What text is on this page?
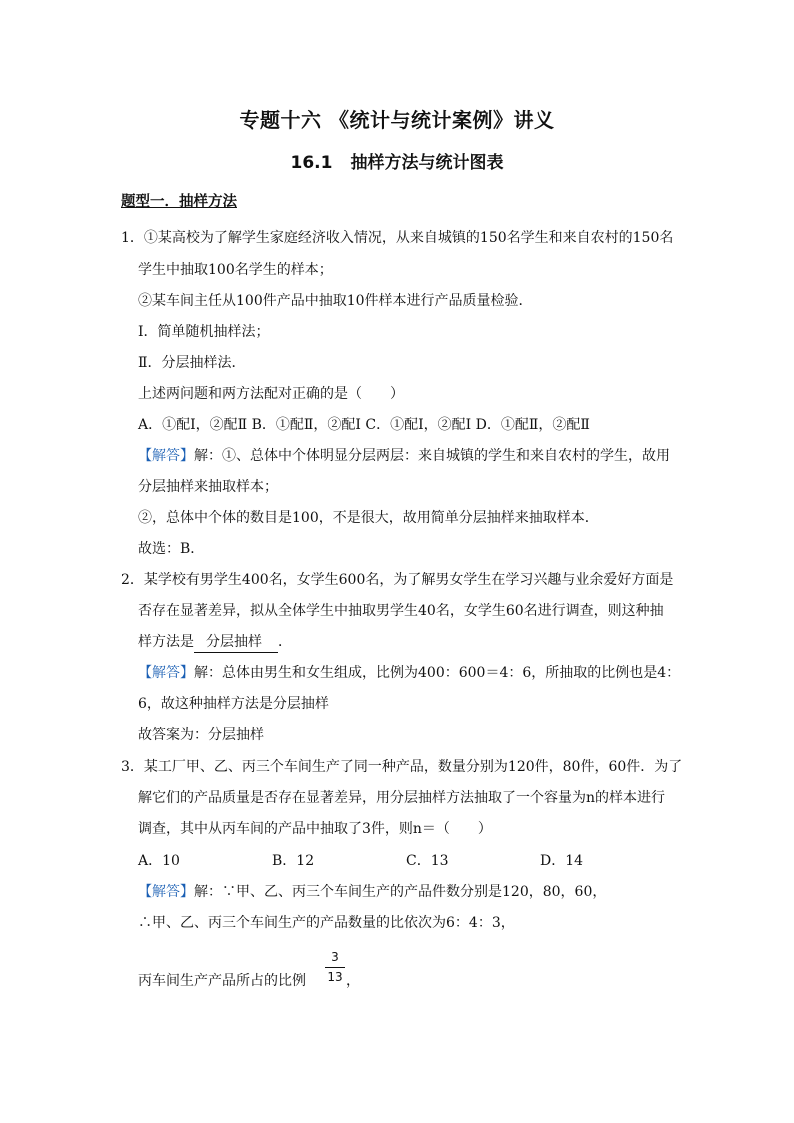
专题十六 《统计与统计案例》讲义
16.1 抽样方法与统计图表
题型一．抽样方法
1．①某高校为了解学生家庭经济收入情况，从来自城镇的150名学生和来自农村的150名
学生中抽取100名学生的样本；
②某车间主任从100件产品中抽取10件样本进行产品质量检验．
I．简单随机抽样法；
Ⅱ．分层抽样法．
上述两问题和两方法配对正确的是（　　）
A．①配I，②配Ⅱ B．①配Ⅱ，②配Ⅰ C．①配I，②配I D．①配Ⅱ，②配Ⅱ
【解答】解：①、总体中个体明显分层两层：来自城镇的学生和来自农村的学生，故用
分层抽样来抽取样本；
②，总体中个体的数目是100，不是很大，故用简单分层抽样来抽取样本．
故选：B．
2．某学校有男学生400名，女学生600名，为了解男女学生在学习兴趣与业余爱好方面是
否存在显著差异，拟从全体学生中抽取男学生40名，女学生60名进行调查，则这种抽
样方法是 分层抽样 ．
【解答】解：总体由男生和女生组成，比例为400：600＝4：6，所抽取的比例也是4：
6，故这种抽样方法是分层抽样
故答案为：分层抽样
3．某工厂甲、乙、丙三个车间生产了同一种产品，数量分别为120件，80件，60件．为了
解它们的产品质量是否存在显著差异，用分层抽样方法抽取了一个容量为n的样本进行
调查，其中从丙车间的产品中抽取了3件，则n＝（　　）
A．10	B．12	C．13	D．14
【解答】解：∵甲、乙、丙三个车间生产的产品件数分别是120，80，60，
∴甲、乙、丙三个车间生产的产品数量的比依次为6：4：3，
丙车间生产产品所占的比例	，
3
13
